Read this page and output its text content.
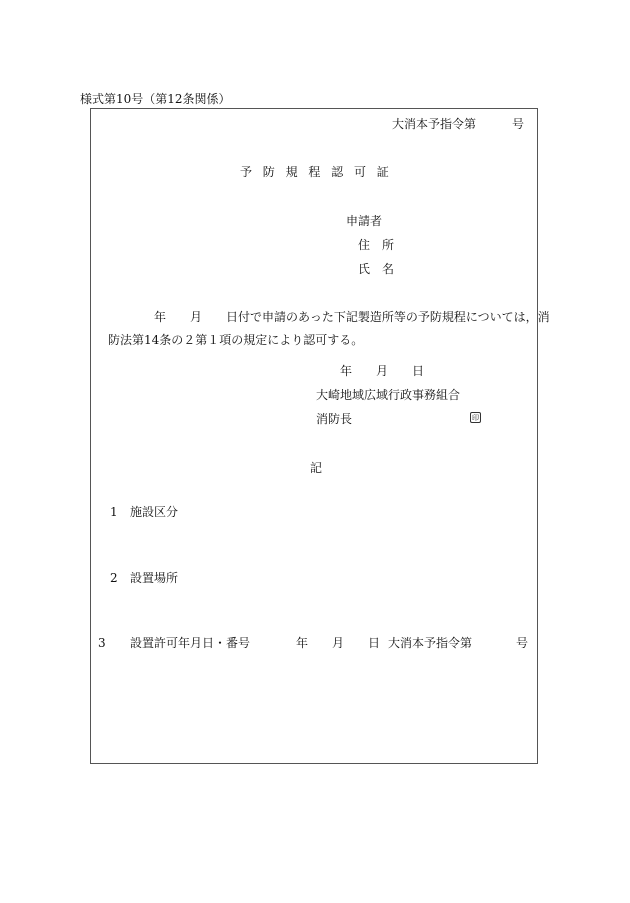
様式第10号（第12条関係）
大消本予指令第　　　号
予防規程認可証
申請者
住　所
氏　名
　　年　　月　　日付で申請のあった下記製造所等の予防規程については，消
防法第14条の２第１項の規定により認可する。
年　　月　　日
大崎地域広域行政事務組合
消防長	印
記
1 施設区分
2 設置場所
3 設置許可年月日・番号	年　　月　　日 大消本予指令第	号
